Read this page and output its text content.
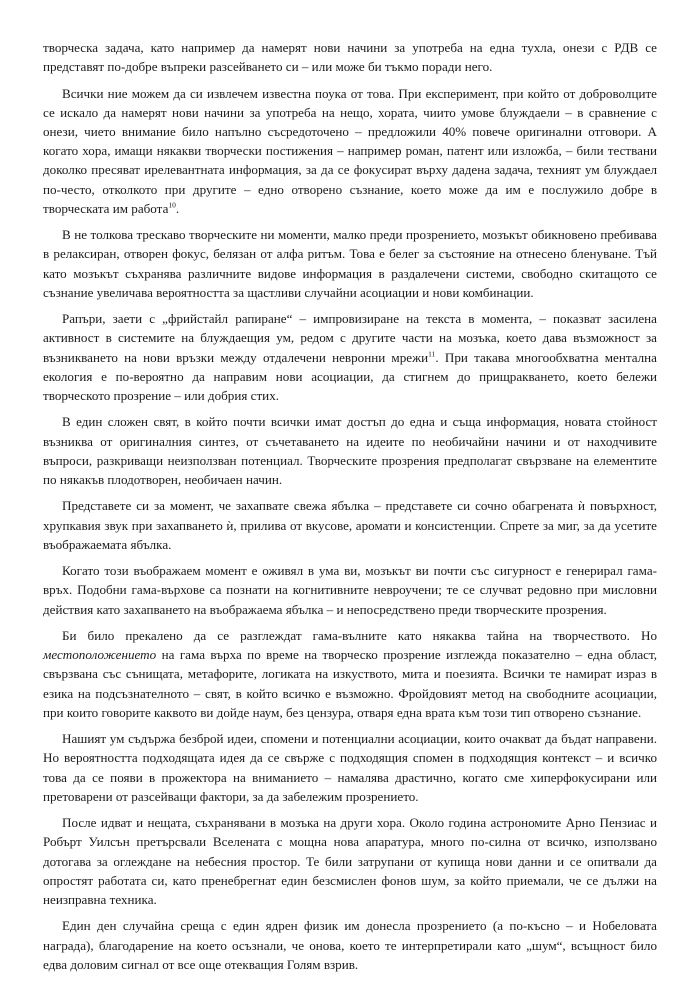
творческа задача, като например да намерят нови начини за употреба на една тухла, онези с РДВ се представят по-добре въпреки разсейването си – или може би тъкмо поради него.

Всички ние можем да си извлечем известна поука от това. При експеримент, при който от доброволците се искало да намерят нови начини за употреба на нещо, хората, чиито умове блуждаели – в сравнение с онези, чието внимание било напълно съсредоточено – предложили 40% повече оригинални отговори. А когато хора, имащи някакви творчески постижения – например роман, патент или изложба, – били тествани доколко пресяват ирелевантната информация, за да се фокусират върху дадена задача, техният ум блуждаел по-често, отколкото при другите – едно отворено съзнание, което може да им е послужило добре в творческата им работа$^{10}$.

В не толкова трескаво творческите ни моменти, малко преди прозрението, мозъкът обикновено пребивава в релаксиран, отворен фокус, белязан от алфа ритъм. Това е белег за състояние на отнесено бленуване. Тъй като мозъкът съхранява различните видове информация в раздалечени системи, свободно скитащото се съзнание увеличава вероятността за щастливи случайни асоциации и нови комбинации.

Рапъри, заети с „фрийстайл рапиране“ – импровизиране на текста в момента, – показват засилена активност в системите на блуждаещия ум, редом с другите части на мозъка, което дава възможност за възникването на нови връзки между отдалечени невронни мрежи$^{11}$. При такава многообхватна ментална екология е по-вероятно да направим нови асоциации, да стигнем до прищракването, което бележи творческото прозрение – или добрия стих.

В един сложен свят, в който почти всички имат достъп до една и съща информация, новата стойност възниква от оригиналния синтез, от съчетаването на идеите по необичайни начини и от находчивите въпроси, разкриващи неизползван потенциал. Творческите прозрения предполагат свързване на елементите по някакъв плодотворен, необичаен начин.

Представете си за момент, че захапвате свежа ябълка – представете си сочно обагрената ѝ повърхност, хрупкавия звук при захапването ѝ, прилива от вкусове, аромати и консистенции. Спрете за миг, за да усетите въображаемата ябълка.

Когато този въображаем момент е оживял в ума ви, мозъкът ви почти със сигурност е генерирал гама-връх. Подобни гама-върхове са познати на когнитивните невроучени; те се случват редовно при мисловни действия като захапването на въображаема ябълка – и непосредствено преди творческите прозрения.

Би било прекалено да се разглеждат гама-вълните като някаква тайна на творчеството. Но местоположението на гама върха по време на творческо прозрение изглежда показателно – една област, свързвана със сънищата, метафорите, логиката на изкуството, мита и поезията. Всички те намират израз в езика на подсъзнателното – свят, в който всичко е възможно. Фройдовият метод на свободните асоциации, при които говорите каквото ви дойде наум, без цензура, отваря една врата към този тип отворено съзнание.

Нашият ум съдържа безброй идеи, спомени и потенциални асоциации, които очакват да бъдат направени. Но вероятността подходящата идея да се свърже с подходящия спомен в подходящия контекст – и всичко това да се появи в прожектора на вниманието – намалява драстично, когато сме хиперфокусирани или претоварени от разсейващи фактори, за да забележим прозрението.

После идват и нещата, съхранявани в мозъка на други хора. Около година астрономите Арно Пензиас и Робърт Уилсън претърсвали Вселената с мощна нова апаратура, много по-силна от всичко, използвано дотогава за оглеждане на небесния простор. Те били затрупани от купища нови данни и се опитвали да опростят работата си, като пренебрегнат един безсмислен фонов шум, за който приемали, че се дължи на неизправна техника.

Един ден случайна среща с един ядрен физик им донесла прозрението (а по-късно – и Нобеловата награда), благодарение на което осъзнали, че онова, което те интерпретирали като „шум“, всъщност било едва доловим сигнал от все още отекващия Голям взрив.
